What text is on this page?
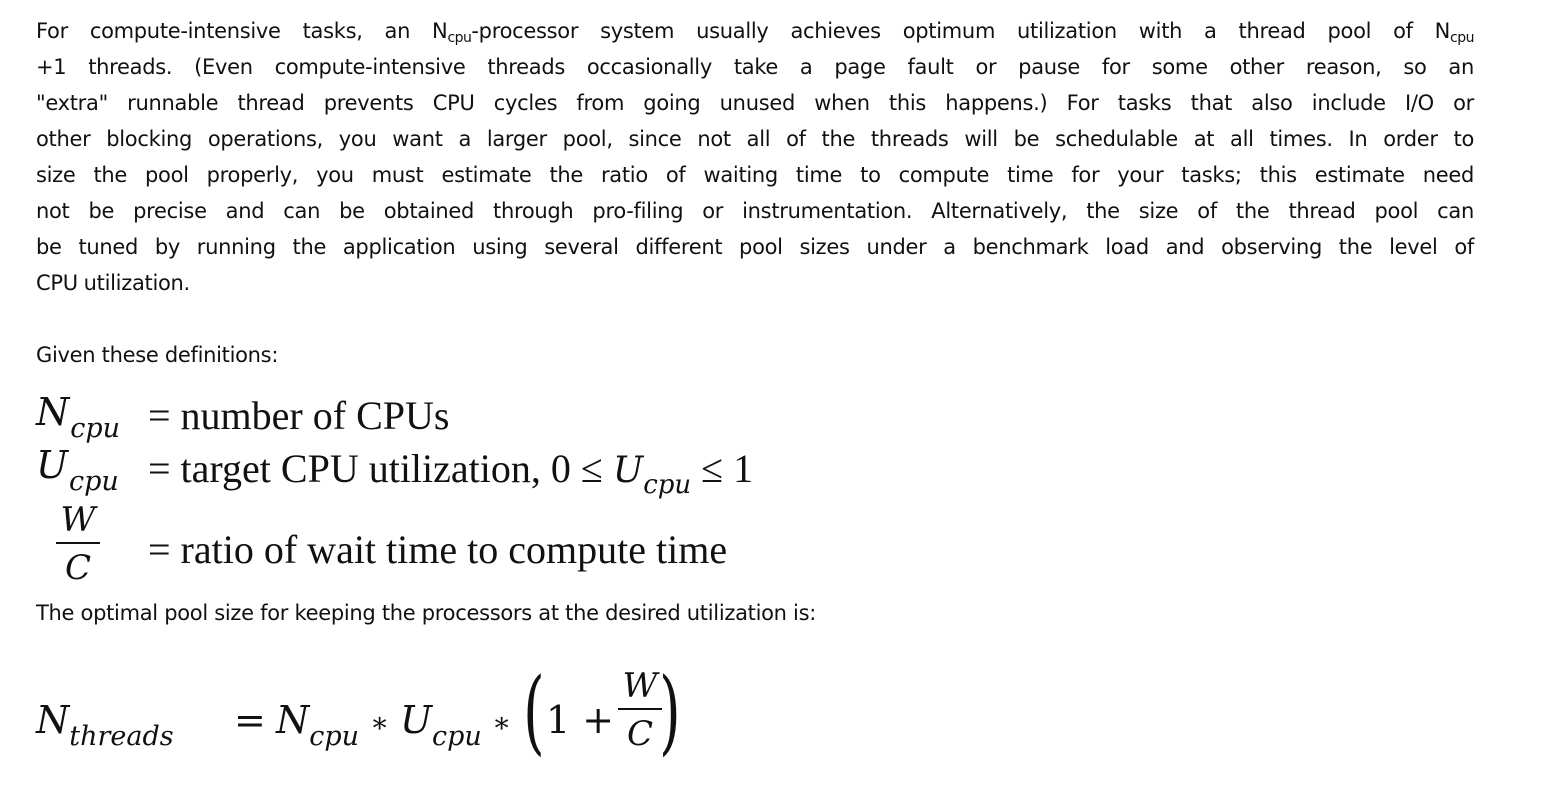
For compute-intensive tasks, an $N_{cpu}$-processor system usually achieves optimum utilization with a thread pool of $N_{cpu}$
+1 threads. (Even compute-intensive threads occasionally take a page fault or pause for some other reason, so an
"extra" runnable thread prevents CPU cycles from going unused when this happens.) For tasks that also include I/O or
other blocking operations, you want a larger pool, since not all of the threads will be schedulable at all times. In order to
size the pool properly, you must estimate the ratio of waiting time to compute time for your tasks; this estimate need
not be precise and can be obtained through pro-filing or instrumentation. Alternatively, the size of the thread pool can
be tuned by running the application using several different pool sizes under a benchmark load and observing the level of
CPU utilization.
Given these definitions:
$N_{cpu}$ = number of CPUs
$U_{cpu}$ = target CPU utilization, $0 \le U_{cpu} \le 1$
W
C = ratio of wait time to compute time
The optimal pool size for keeping the processors at the desired utilization is:
$N_{threads} = N_{cpu}$ ∗ $U_{cpu}$ ∗ ( 1 +
W
C )
